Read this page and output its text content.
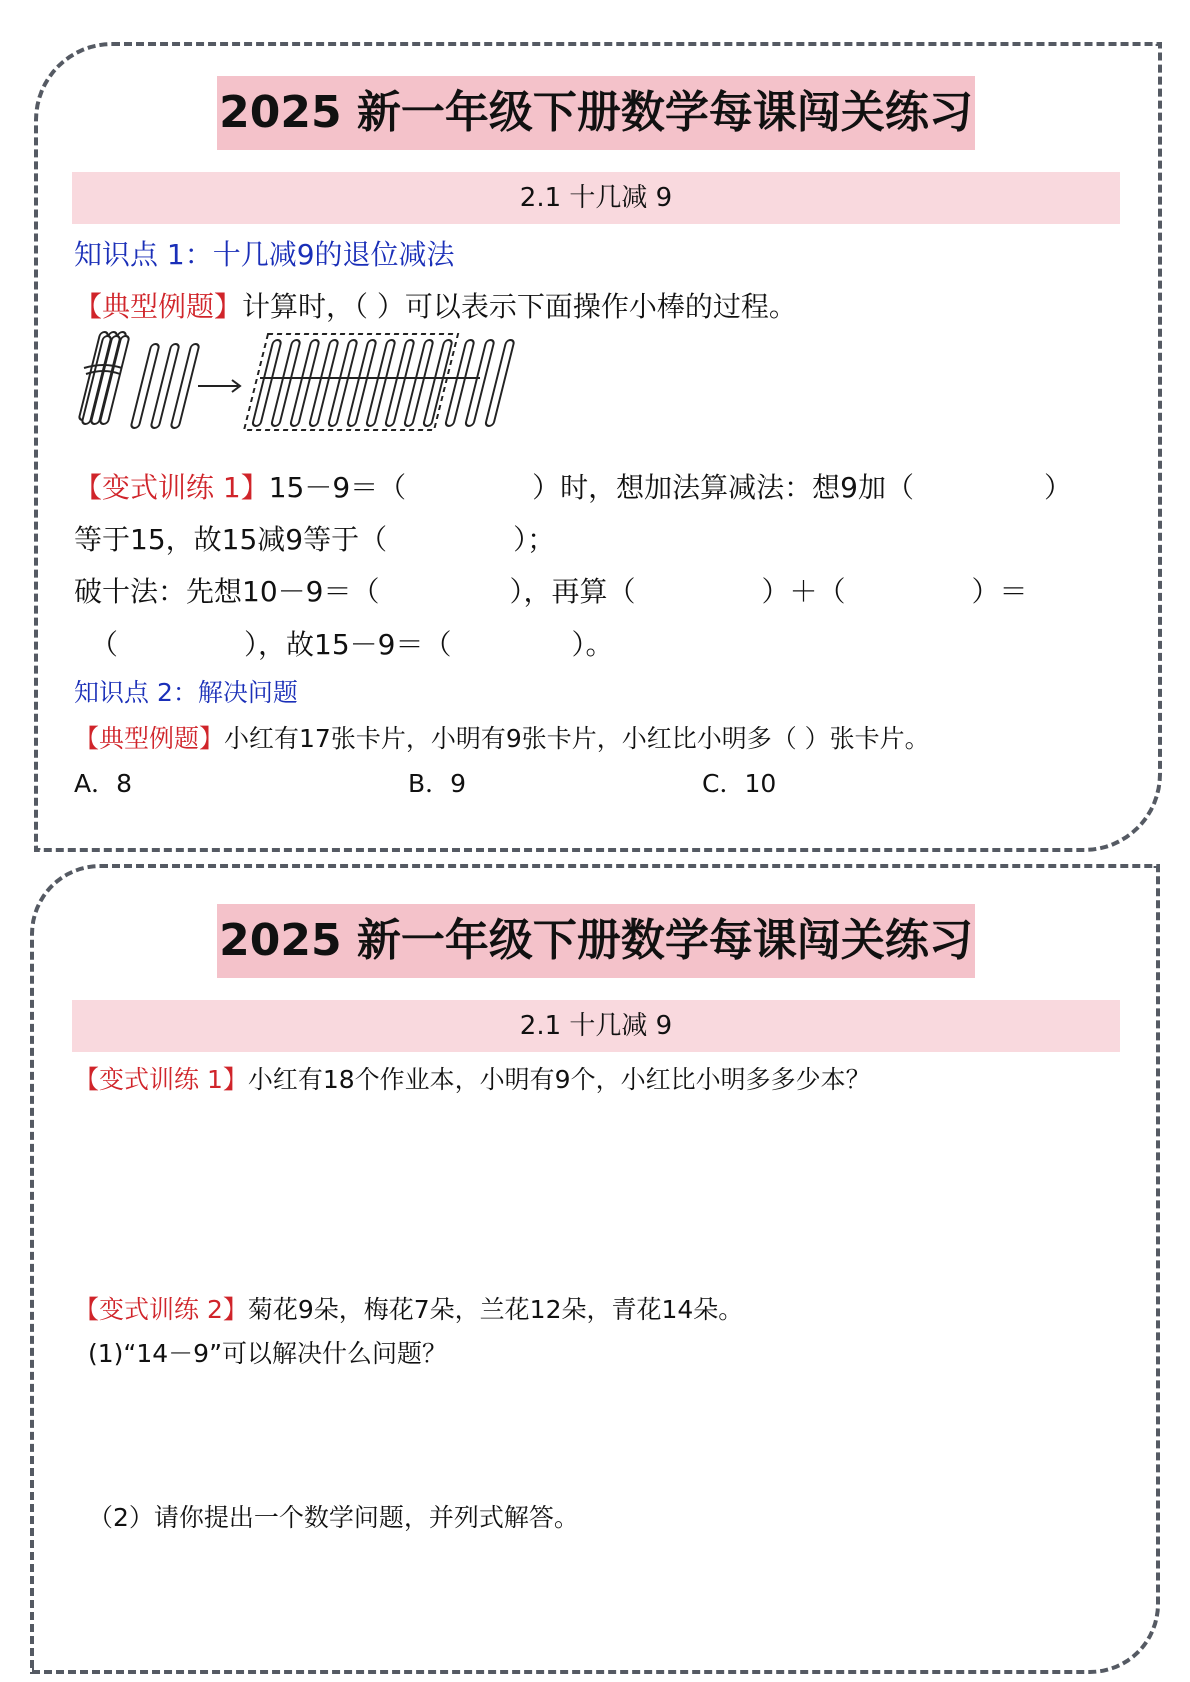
2025 新一年级下册数学每课闯关练习
2.1 十几减 9
知识点 1：十几减9的退位减法
【典型例题】计算时，（ ）可以表示下面操作小棒的过程。
【变式训练 1】15－9＝（	）时，想加法算减法：想9加（	）
等于15，故15减9等于（	）；
破十法：先想10－9＝（	），再算（	）＋（	）＝
（	），故15－9＝（	）。
知识点 2：解决问题
【典型例题】小红有17张卡片，小明有9张卡片，小红比小明多（ ）张卡片。
A．8	B．9	C．10
2025 新一年级下册数学每课闯关练习
2.1 十几减 9
【变式训练 1】小红有18个作业本，小明有9个，小红比小明多多少本？
【变式训练 2】菊花9朵，梅花7朵，兰花12朵，青花14朵。
(1)“14－9”可以解决什么问题？
（2）请你提出一个数学问题，并列式解答。
